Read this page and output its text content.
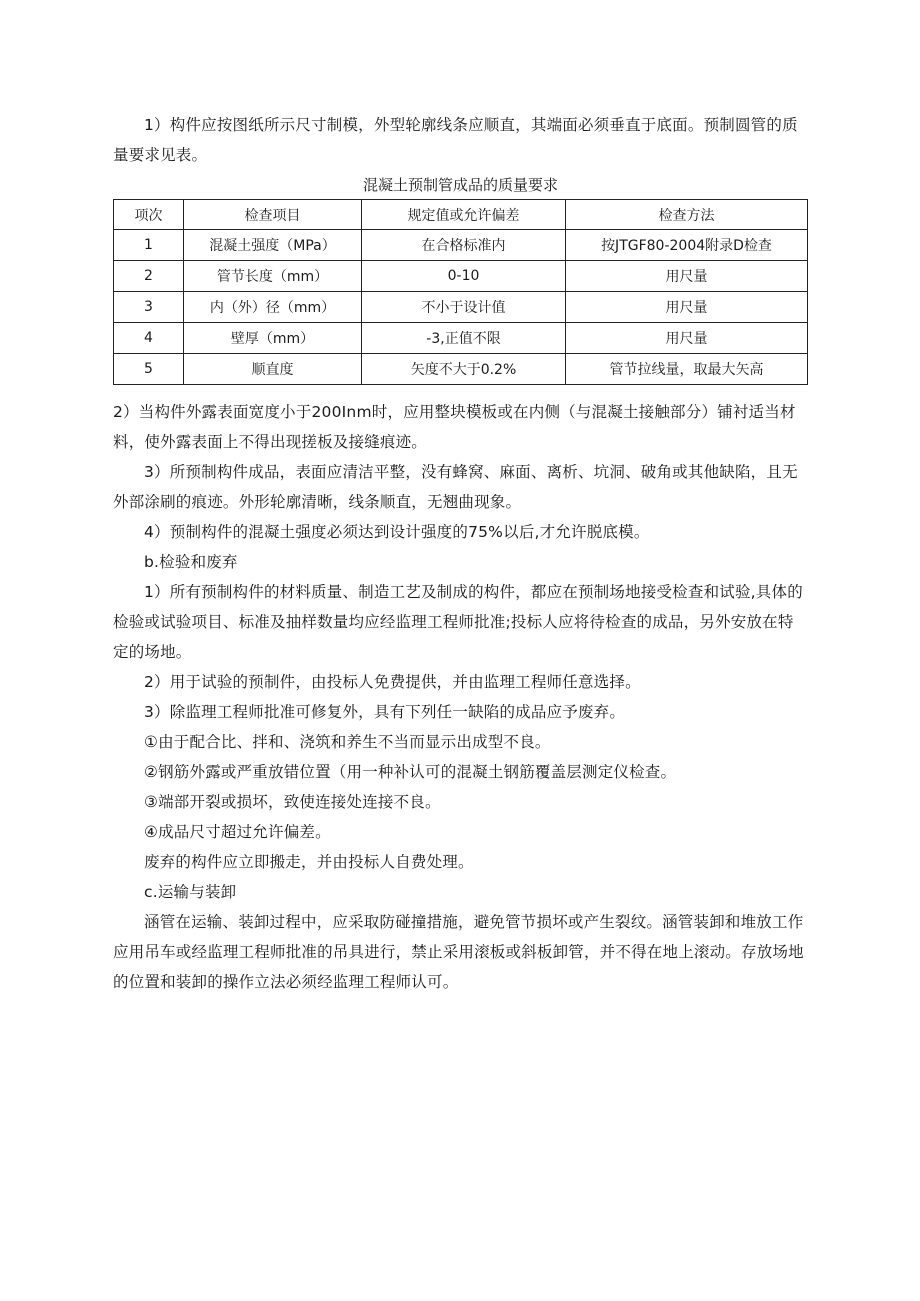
1）构件应按图纸所示尺寸制模，外型轮廓线条应顺直，其端面必须垂直于底面。预制圆管的质量要求见表。

混凝土预制管成品的质量要求
项次	检查项目	规定值或允许偏差	检查方法
1	混凝土强度（MPa）	在合格标准内	按JTGF80-2004附录D检查
2	管节长度（mm）	0-10	用尺量
3	内（外）径（mm）	不小于设计值	用尺量
4	壁厚（mm）	-3,正值不限	用尺量
5	顺直度	矢度不大于0.2%	管节拉线量，取最大矢高

2）当构件外露表面宽度小于200Inm时，应用整块模板或在内侧（与混凝土接触部分）铺衬适当材料，使外露表面上不得出现搓板及接缝痕迹。

3）所预制构件成品，表面应清洁平整，没有蜂窝、麻面、离析、坑洞、破角或其他缺陷，且无外部涂刷的痕迹。外形轮廓清晰，线条顺直，无翘曲现象。

4）预制构件的混凝土强度必须达到设计强度的75%以后,才允许脱底模。

b.检验和废弃

1）所有预制构件的材料质量、制造工艺及制成的构件，都应在预制场地接受检查和试验,具体的检验或试验项目、标准及抽样数量均应经监理工程师批准;投标人应将待检查的成品，另外安放在特定的场地。

2）用于试验的预制件，由投标人免费提供，并由监理工程师任意选择。

3）除监理工程师批准可修复外，具有下列任一缺陷的成品应予废弃。

①由于配合比、拌和、浇筑和养生不当而显示出成型不良。

②钢筋外露或严重放错位置（用一种补认可的混凝土钢筋覆盖层测定仪检查。

③端部开裂或损坏，致使连接处连接不良。

④成品尺寸超过允许偏差。

废弃的构件应立即搬走，并由投标人自费处理。

c.运输与装卸

涵管在运输、装卸过程中，应采取防碰撞措施，避免管节损坏或产生裂纹。涵管装卸和堆放工作应用吊车或经监理工程师批准的吊具进行，禁止采用滚板或斜板卸管，并不得在地上滚动。存放场地的位置和装卸的操作立法必须经监理工程师认可。
